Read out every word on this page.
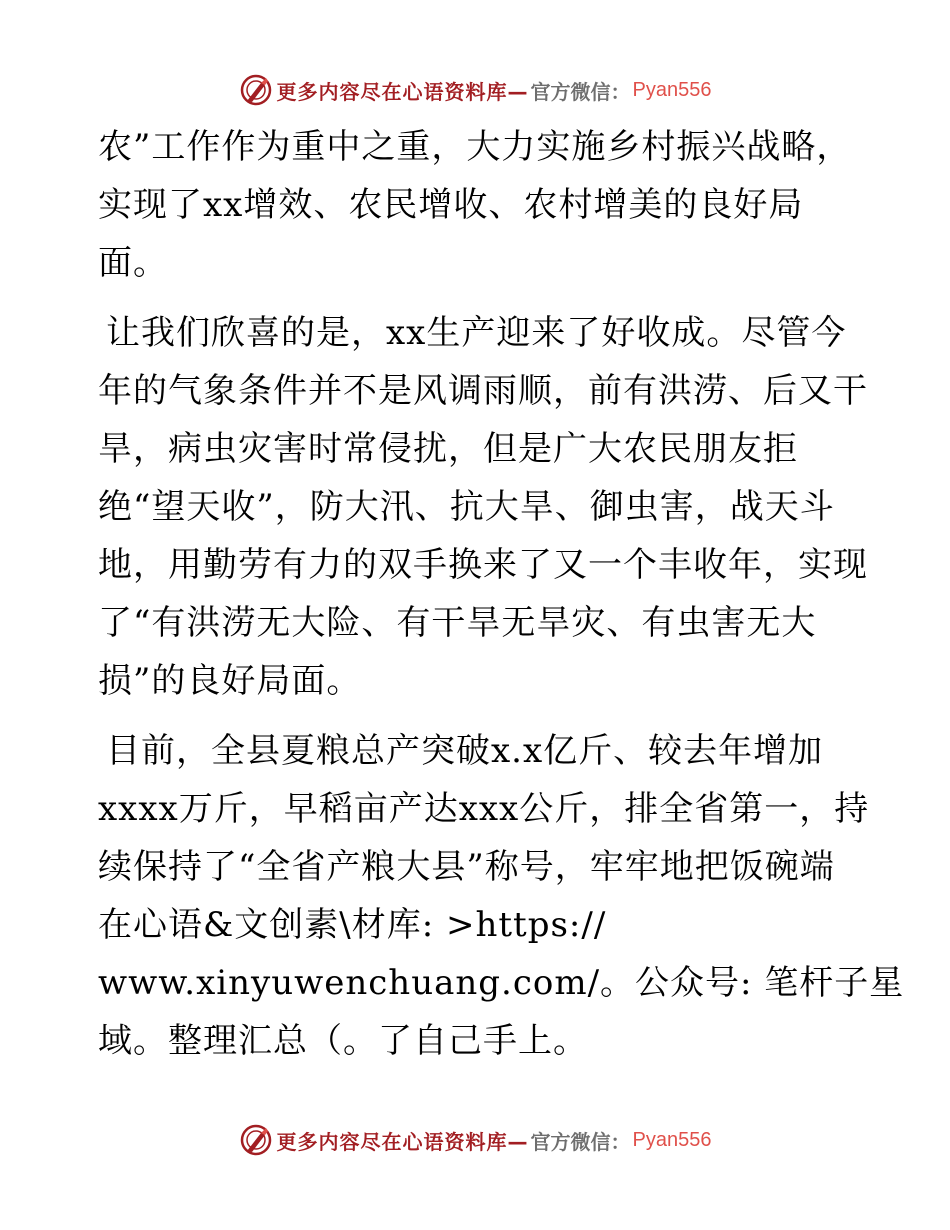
更多内容尽在心语资料库— 官方微信： Pyan556
农”工作作为重中之重，大力实施乡村振兴战略，
实现了xx增效、农民增收、农村增美的良好局
面。
让我们欣喜的是，xx生产迎来了好收成。尽管今
年的气象条件并不是风调雨顺，前有洪涝、后又干
旱，病虫灾害时常侵扰，但是广大农民朋友拒
绝“望天收”，防大汛、抗大旱、御虫害，战天斗
地，用勤劳有力的双手换来了又一个丰收年，实现
了“有洪涝无大险、有干旱无旱灾、有虫害无大
损”的良好局面。
目前，全县夏粮总产突破x.x亿斤、较去年增加
xxxx万斤，早稻亩产达xxx公斤，排全省第一，持
续保持了“全省产粮大县”称号，牢牢地把饭碗端
在心语&文创素\材库: >https://
www.xinyuwenchuang.com/。公众号: 笔杆子星
域。整理汇总（。了自己手上。
更多内容尽在心语资料库— 官方微信： Pyan556
